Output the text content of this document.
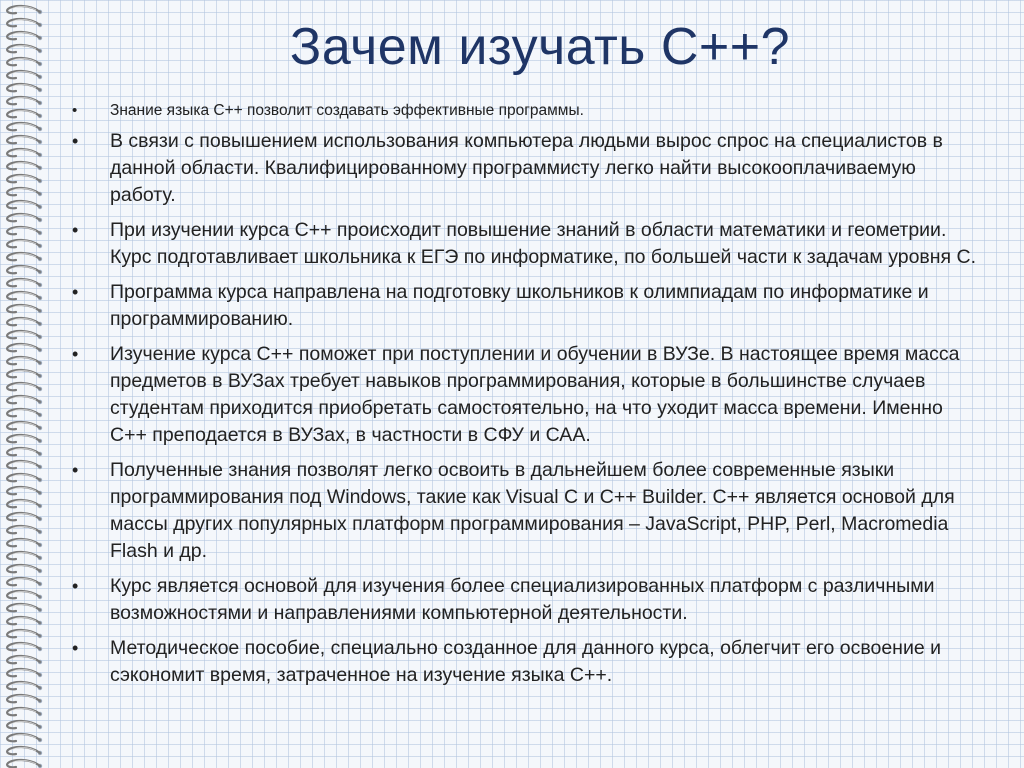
Зачем изучать С++?
•	Знание языка С++ позволит создавать эффективные программы.
•	В связи с повышением использования компьютера людьми вырос спрос на специалистов в данной области. Квалифицированному программисту легко найти высокооплачиваемую работу.
•	При изучении курса С++ происходит повышение знаний в области математики и геометрии. Курс подготавливает школьника к ЕГЭ по информатике, по большей части к задачам уровня С.
•	Программа курса направлена на подготовку школьников к олимпиадам по информатике и программированию.
•	Изучение курса С++ поможет при поступлении и обучении в ВУЗе. В настоящее время масса предметов в ВУЗах требует навыков программирования, которые в большинстве случаев студентам приходится приобретать самостоятельно, на что уходит масса времени. Именно С++ преподается в ВУЗах, в частности в СФУ и САА.
•	Полученные знания позволят легко освоить в дальнейшем более современные языки программирования под Windows, такие как Visual C и С++ Builder. С++ является основой для массы других популярных платформ программирования – JavaScript, PHP, Perl, Macromedia Flash и др.
•	Курс является основой для изучения более специализированных платформ с различными возможностями и направлениями компьютерной деятельности.
•	Методическое пособие, специально созданное для данного курса, облегчит его освоение и сэкономит время, затраченное на изучение языка С++.
